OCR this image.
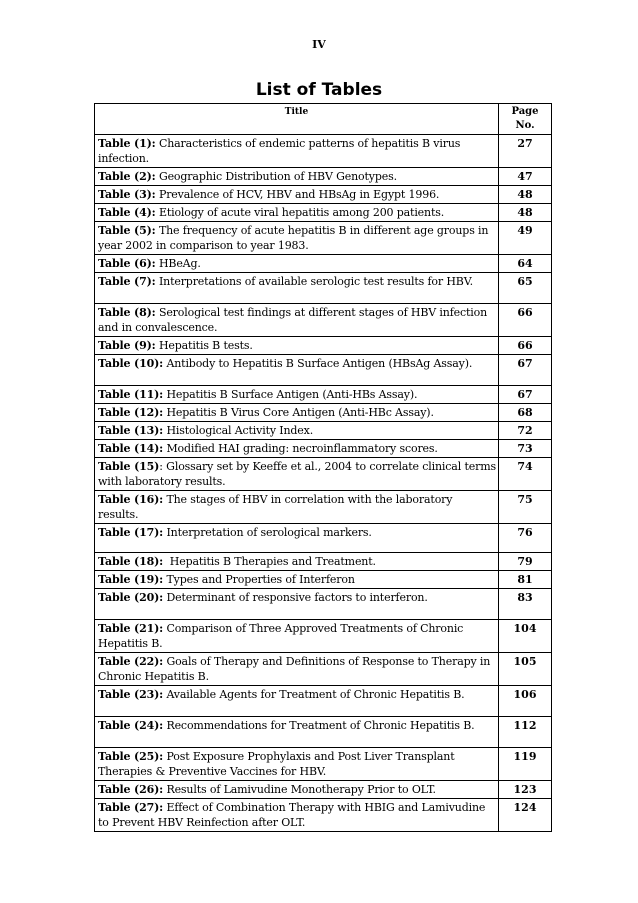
IV
List of Tables
Title	Page No.
Table (1): Characteristics of endemic patterns of hepatitis B virus infection.	27
Table (2): Geographic Distribution of HBV Genotypes.	47
Table (3): Prevalence of HCV, HBV and HBsAg in Egypt 1996.	48
Table (4): Etiology of acute viral hepatitis among 200 patients.	48
Table (5): The frequency of acute hepatitis B in different age groups in year 2002 in comparison to year 1983.	49
Table (6): HBeAg.	64
Table (7): Interpretations of available serologic test results for HBV.	65
Table (8): Serological test findings at different stages of HBV infection and in convalescence.	66
Table (9): Hepatitis B tests.	66
Table (10): Antibody to Hepatitis B Surface Antigen (HBsAg Assay).	67
Table (11): Hepatitis B Surface Antigen (Anti-HBs Assay).	67
Table (12): Hepatitis B Virus Core Antigen (Anti-HBc Assay).	68
Table (13): Histological Activity Index.	72
Table (14): Modified HAI grading: necroinflammatory scores.	73
Table (15): Glossary set by Keeffe et al., 2004 to correlate clinical terms with laboratory results.	74
Table (16): The stages of HBV in correlation with the laboratory results.	75
Table (17): Interpretation of serological markers.	76
Table (18):  Hepatitis B Therapies and Treatment.	79
Table (19): Types and Properties of Interferon	81
Table (20): Determinant of responsive factors to interferon.	83
Table (21): Comparison of Three Approved Treatments of Chronic Hepatitis B.	104
Table (22): Goals of Therapy and Definitions of Response to Therapy in Chronic Hepatitis B.	105
Table (23): Available Agents for Treatment of Chronic Hepatitis B.	106
Table (24): Recommendations for Treatment of Chronic Hepatitis B.	112
Table (25): Post Exposure Prophylaxis and Post Liver Transplant Therapies & Preventive Vaccines for HBV.	119
Table (26): Results of Lamivudine Monotherapy Prior to OLT.	123
Table (27): Effect of Combination Therapy with HBIG and Lamivudine to Prevent HBV Reinfection after OLT.	124
